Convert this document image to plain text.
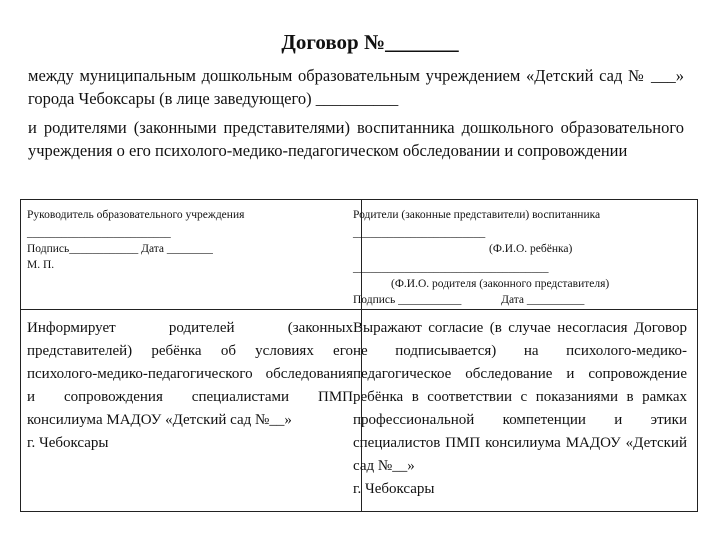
Договор №_______

между муниципальным дошкольным образовательным учреждением «Детский сад № ___» города Чебоксары (в лице заведующего) __________

и родителями (законными представителями) воспитанника дошкольного образовательного учреждения о его психолого-медико-педагогическом обследовании и сопровождении

Руководитель образовательного учреждения
_________________________
Подпись____________ Дата ________
М. П.
Родители (законные представители) воспитанника
_______________________
(Ф.И.О. ребёнка)
__________________________________
(Ф.И.О. родителя (законного представителя)
Подпись ___________	Дата __________

Информирует родителей (законных представителей) ребёнка об условиях его психолого-медико-педагогического обследования и сопровождения специалистами ПМП консилиума МАДОУ «Детский сад №__»

г. Чебоксары

Выражают согласие (в случае несогласия Договор не подписывается) на психолого-медико-педагогическое обследование и сопровождение ребёнка в соответствии с показаниями в рамках профессиональной компетенции и этики специалистов ПМП консилиума МАДОУ «Детский сад №__»

г. Чебоксары
